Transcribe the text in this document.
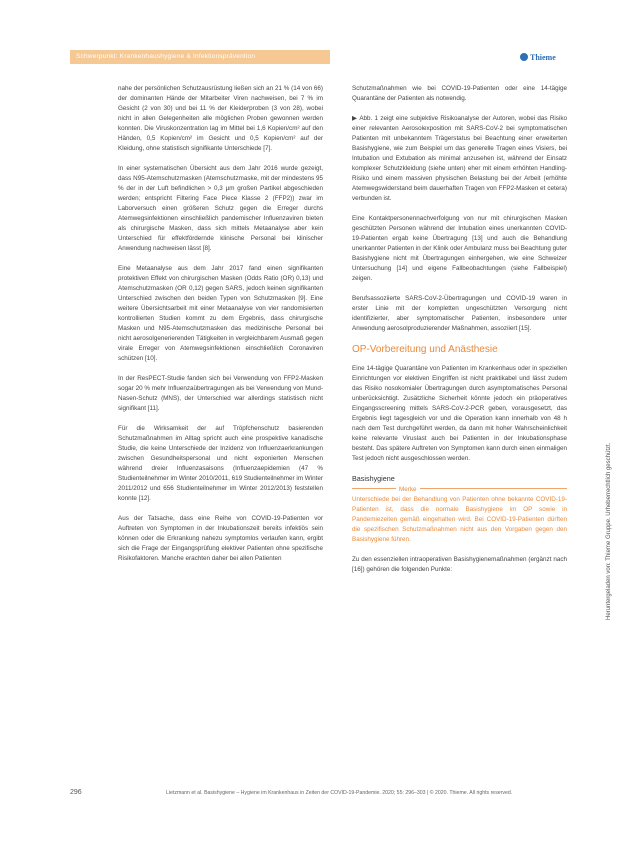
Schwerpunkt: Krankenhaushygiene & Infektionsprävention	Thieme

nahe der persönlichen Schutzausrüstung ließen sich an 21 % (14 von 66) der dominanten Hände der Mitarbeiter Viren nachweisen, bei 7 % im Gesicht (2 von 30) und bei 11 % der Kleiderproben (3 von 28), wobei nicht in allen Gelegenheiten alle möglichen Proben gewonnen werden konnten. Die Viruskonzentration lag im Mittel bei 1,6 Kopien/cm² auf den Händen, 0,5 Kopien/cm² im Gesicht und 0,5 Kopien/cm² auf der Kleidung, ohne statistisch signifikante Unterschiede [7].

In einer systematischen Übersicht aus dem Jahr 2016 wurde gezeigt, dass N95-Atemschutzmasken (Atemschutzmaske, mit der mindestens 95 % der in der Luft befindlichen > 0,3 µm großen Partikel abgeschieden werden; entspricht Filtering Face Piece Klasse 2 (FFP2)) zwar im Laborversuch einen größeren Schutz gegen die Erreger durchs Atemwegsinfektionen einschließlich pandemischer Influenzaviren bieten als chirurgische Masken, dass sich mittels Metaanalyse aber kein Unterschied für effektfördernde klinische Personal bei klinischer Anwendung nachweisen lässt [8].

Eine Metaanalyse aus dem Jahr 2017 fand einen signifikanten protektiven Effekt von chirurgischen Masken (Odds Ratio (OR) 0,13) und Atemschutzmasken (OR 0,12) gegen SARS, jedoch keinen signifikanten Unterschied zwischen den beiden Typen von Schutzmasken [9]. Eine weitere Übersichtsarbeit mit einer Metaanalyse von vier randomisierten kontrollierten Studien kommt zu dem Ergebnis, dass chirurgische Masken und N95-Atemschutzmasken das medizinische Personal bei nicht aerosolgenerierenden Tätigkeiten in vergleichbarem Ausmaß gegen virale Erreger von Atemwegsinfektionen einschließlich Coronaviren schützen [10].

In der ResPECT-Studie fanden sich bei Verwendung von FFP2-Masken sogar 20 % mehr Influenzaübertragungen als bei Verwendung von Mund-Nasen-Schutz (MNS), der Unterschied war allerdings statistisch nicht signifikant [11].

Für die Wirksamkeit der auf Tröpfchenschutz basierenden Schutzmaßnahmen im Alltag spricht auch eine prospektive kanadische Studie, die keine Unterschiede der Inzidenz von Influenzaerkrankungen zwischen Gesundheitspersonal und nicht exponierten Menschen während dreier Influenzasaisons (Influenzaepidemien (47 % Studienteilnehmer im Winter 2010/2011, 619 Studienteilnehmer im Winter 2011/2012 und 656 Studienteilnehmer im Winter 2012/2013) feststellen konnte [12].

Aus der Tatsache, dass eine Reihe von COVID-19-Patienten vor Auftreten von Symptomen in der Inkubationszeit bereits infektiös sein können oder die Erkrankung nahezu symptomlos verlaufen kann, ergibt sich die Frage der Eingangsprüfung elektiver Patienten ohne spezifische Risikofaktoren. Manche erachten daher bei allen Patienten

Schutzmaßnahmen wie bei COVID-19-Patienten oder eine 14-tägige Quarantäne der Patienten als notwendig.

▶ Abb. 1 zeigt eine subjektive Risikoanalyse der Autoren, wobei das Risiko einer relevanten Aerosolexposition mit SARS-CoV-2 bei symptomatischen Patienten mit unbekanntem Trägerstatus bei Beachtung einer erweiterten Basishygiene, wie zum Beispiel um das generelle Tragen eines Visiers, bei Intubation und Extubation als minimal anzusehen ist, während der Einsatz komplexer Schutzkleidung (siehe unten) eher mit einem erhöhten Handling-Risiko und einem massiven physischen Belastung bei der Arbeit (erhöhte Atemwegswiderstand beim dauerhaften Tragen von FFP2-Masken et cetera) verbunden ist.

Eine Kontaktpersonennachverfolgung von nur mit chirurgischen Masken geschützten Personen während der Intubation eines unerkannten COVID-19-Patienten ergab keine Übertragung [13] und auch die Behandlung unerkannter Patienten in der Klinik oder Ambulanz muss bei Beachtung guter Basishygiene nicht mit Übertragungen einhergehen, wie eine Schweizer Untersuchung [14] und eigene Fallbeobachtungen (siehe Fallbeispiel) zeigen.

Berufsassoziierte SARS-CoV-2-Übertragungen und COVID-19 waren in erster Linie mit der kompletten ungeschützten Versorgung nicht identifizierter, aber symptomatischer Patienten, insbesondere unter Anwendung aerosolproduzierender Maßnahmen, assoziiert [15].

OP-Vorbereitung und Anästhesie

Eine 14-tägige Quarantäne von Patienten im Krankenhaus oder in speziellen Einrichtungen vor elektiven Eingriffen ist nicht praktikabel und lässt zudem das Risiko nosokomialer Übertragungen durch asymptomatisches Personal unberücksichtigt. Zusätzliche Sicherheit könnte jedoch ein präoperatives Eingangsscreening mittels SARS-CoV-2-PCR geben, vorausgesetzt, das Ergebnis liegt tagesgleich vor und die Operation kann innerhalb von 48 h nach dem Test durchgeführt werden, da dann mit hoher Wahrscheinlichkeit keine relevante Viruslast auch bei Patienten in der Inkubationsphase besteht. Das spätere Auftreten von Symptomen kann durch einen einmaligen Test jedoch nicht ausgeschlossen werden.

Basishygiene
Merke

Unterschiede bei der Behandlung von Patienten ohne bekannte COVID-19-Patienten ist, dass die normale Basishygiene im OP sowie in Pandemiezeiten gemäß eingehalten wird. Bei COVID-19-Patienten dürften die spezifischen Schutzmaßnahmen nicht aus den Vorgaben gegen den Basishygiene führen.

Zu den essenziellen intraoperativen Basishygienemaßnahmen (ergänzt nach [16]) gehören die folgenden Punkte:	Heruntergeladen von: Thieme Gruppe. Urheberrechtlich geschützt.
296	Lietzmann et al. Basishygiene – Hygiene im Krankenhaus in Zeiten der COVID-19-Pandemie. 2020; 55: 296–303 | © 2020. Thieme. All rights reserved.
